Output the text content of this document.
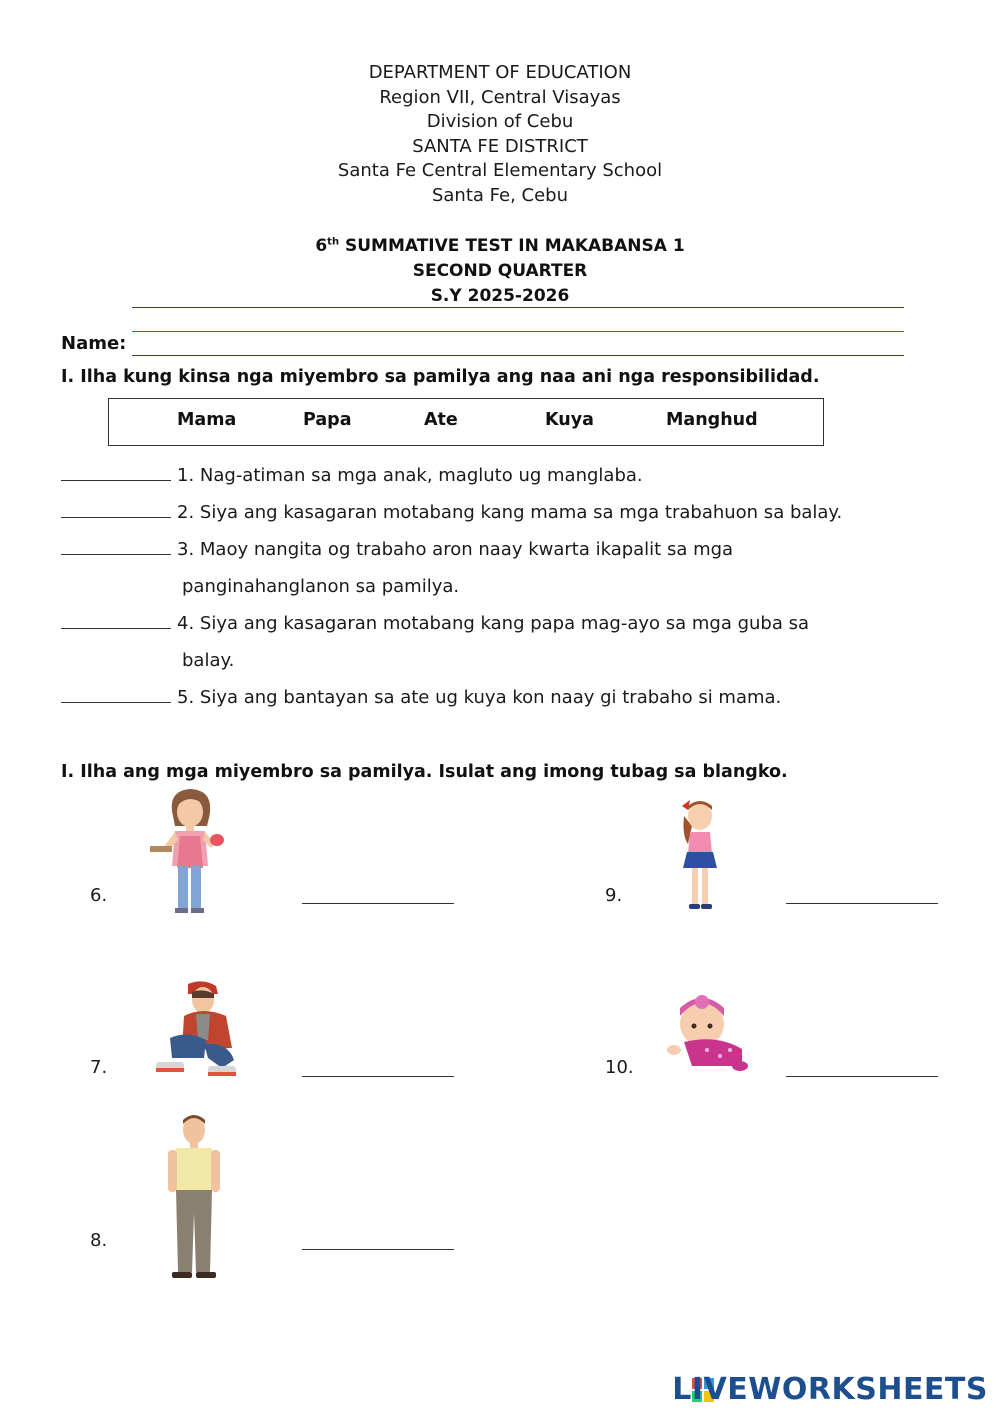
DEPARTMENT OF EDUCATION
Region VII, Central Visayas
Division of Cebu
SANTA FE DISTRICT
Santa Fe Central Elementary School
Santa Fe, Cebu
6th SUMMATIVE TEST IN MAKABANSA 1
SECOND QUARTER
S.Y 2025-2026
Name:
I. Ilha kung kinsa nga miyembro sa pamilya ang naa ani nga responsibilidad.
Mama	Papa	Ate	Kuya	Manghud
1. Nag-atiman sa mga anak, magluto ug manglaba.
2. Siya ang kasagaran motabang kang mama sa mga trabahuon sa balay.
3. Maoy nangita og trabaho aron naay kwarta ikapalit sa mga
panginahanglanon sa pamilya.
4. Siya ang kasagaran motabang kang papa mag-ayo sa mga guba sa
balay.
5. Siya ang bantayan sa ate ug kuya kon naay gi trabaho si mama.
I. Ilha ang mga miyembro sa pamilya. Isulat ang imong tubag sa blangko.
6.
7.
8.
9.
10.
LIVEWORKSHEETS
